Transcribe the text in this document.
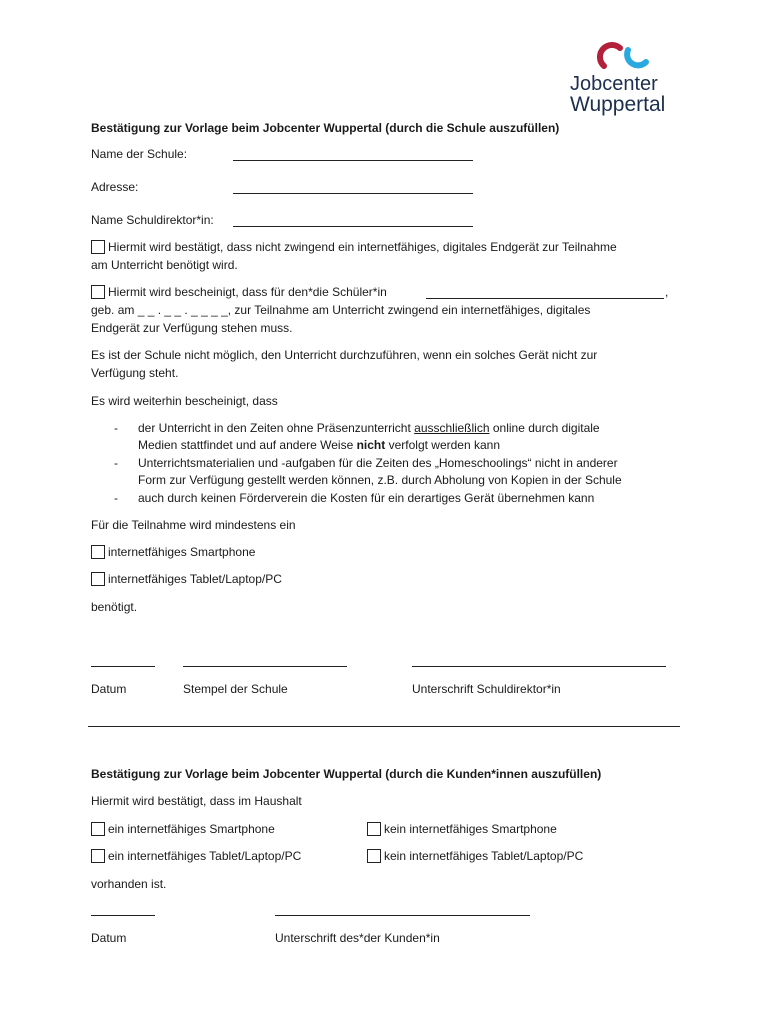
Jobcenter
Wuppertal
Bestätigung zur Vorlage beim Jobcenter Wuppertal (durch die Schule auszufüllen)
Name der Schule:
Adresse:
Name Schuldirektor*in:
Hiermit wird bestätigt, dass nicht zwingend ein internetfähiges, digitales Endgerät zur Teilnahme
am Unterricht benötigt wird.
Hiermit wird bescheinigt, dass für den*die Schüler*in	,
geb. am _ _ . _ _ . _ _ _ _, zur Teilnahme am Unterricht zwingend ein internetfähiges, digitales
Endgerät zur Verfügung stehen muss.
Es ist der Schule nicht möglich, den Unterricht durchzuführen, wenn ein solches Gerät nicht zur
Verfügung steht.
Es wird weiterhin bescheinigt, dass
- der Unterricht in den Zeiten ohne Präsenzunterricht ausschließlich online durch digitale
Medien stattfindet und auf andere Weise nicht verfolgt werden kann
- Unterrichtsmaterialien und -aufgaben für die Zeiten des „Homeschoolings“ nicht in anderer
Form zur Verfügung gestellt werden können, z.B. durch Abholung von Kopien in der Schule
- auch durch keinen Förderverein die Kosten für ein derartiges Gerät übernehmen kann
Für die Teilnahme wird mindestens ein
internetfähiges Smartphone
internetfähiges Tablet/Laptop/PC
benötigt.
Datum	Stempel der Schule	Unterschrift Schuldirektor*in
Bestätigung zur Vorlage beim Jobcenter Wuppertal (durch die Kunden*innen auszufüllen)
Hiermit wird bestätigt, dass im Haushalt
ein internetfähiges Smartphone	kein internetfähiges Smartphone
ein internetfähiges Tablet/Laptop/PC	kein internetfähiges Tablet/Laptop/PC
vorhanden ist.
Datum	Unterschrift des*der Kunden*in
